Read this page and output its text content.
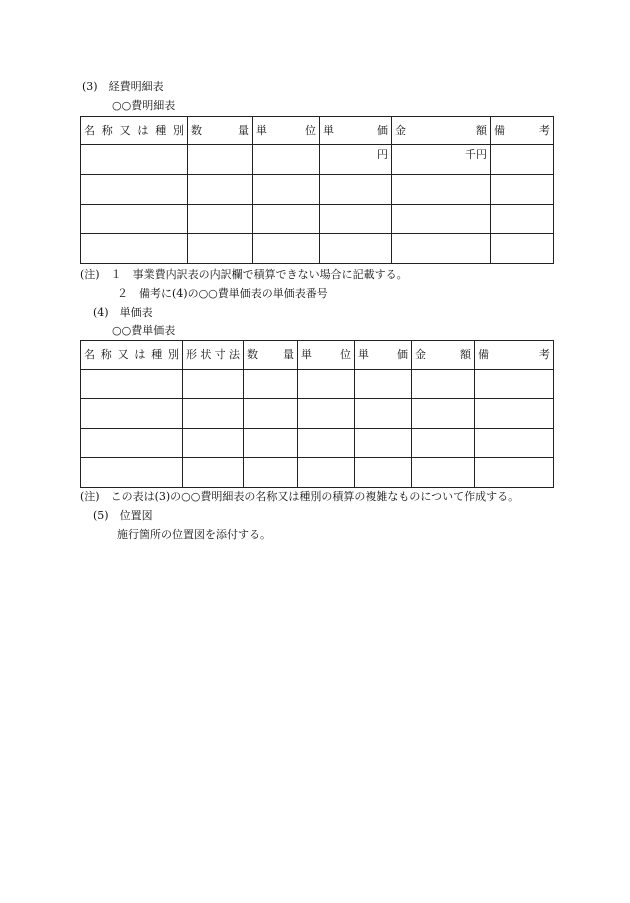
(3)　経費明細表
○○費明細表
名 称 又 は 種 別	数 量	単 位	単 価	金 額	備 考

			円	千円	

(注)　１　事業費内訳表の内訳欄で積算できない場合に記載する。
２　備考に(4)の○○費単価表の単価表番号
(4)　単価表
○○費単価表
名 称 又 は 種 別	形状寸法	数 量	単 位	単 価	金 額	備 考

(注)　この表は(3)の○○費明細表の名称又は種別の積算の複雑なものについて作成する。
(5)　位置図
施行箇所の位置図を添付する。
